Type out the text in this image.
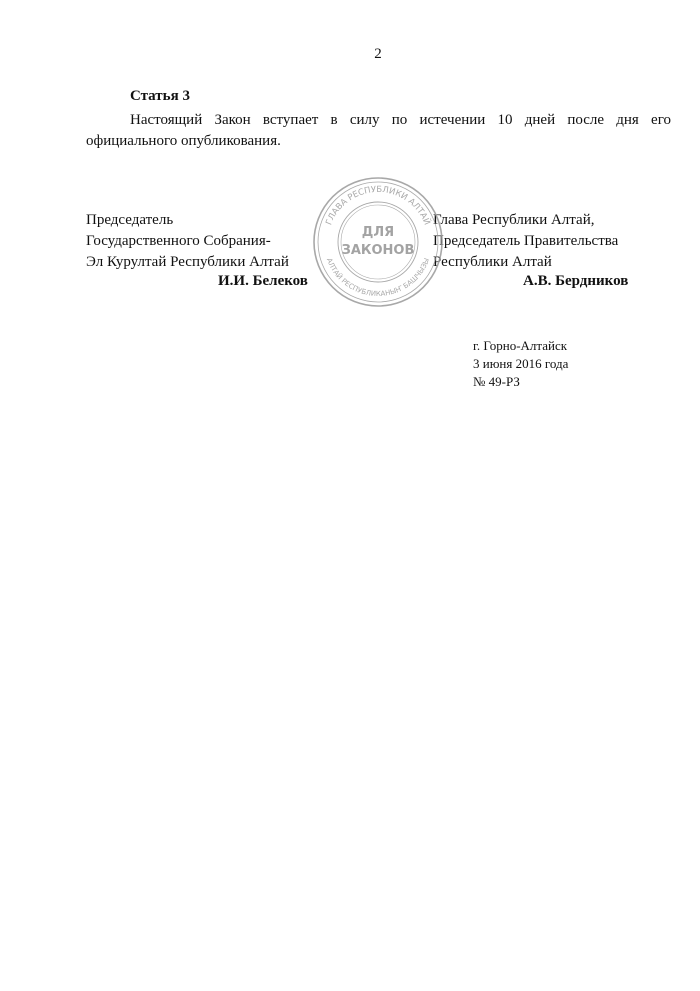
2
Статья 3
Настоящий Закон вступает в силу по истечении 10 дней после дня его официального опубликования.
Председатель
Государственного Собрания-
Эл Курултай Республики Алтай
И.И. Белеков
Глава Республики Алтай,
Председатель Правительства
Республики Алтай
А.В. Бердников
ГЛАВА РЕСПУБЛИКИ АЛТАЙ
АЛТАЙ РЕСПУБЛИКАНЫҤ БАШЧЫЗЫ
ДЛЯ
ЗАКОНОВ
г. Горно-Алтайск
3 июня 2016 года
№ 49-РЗ
